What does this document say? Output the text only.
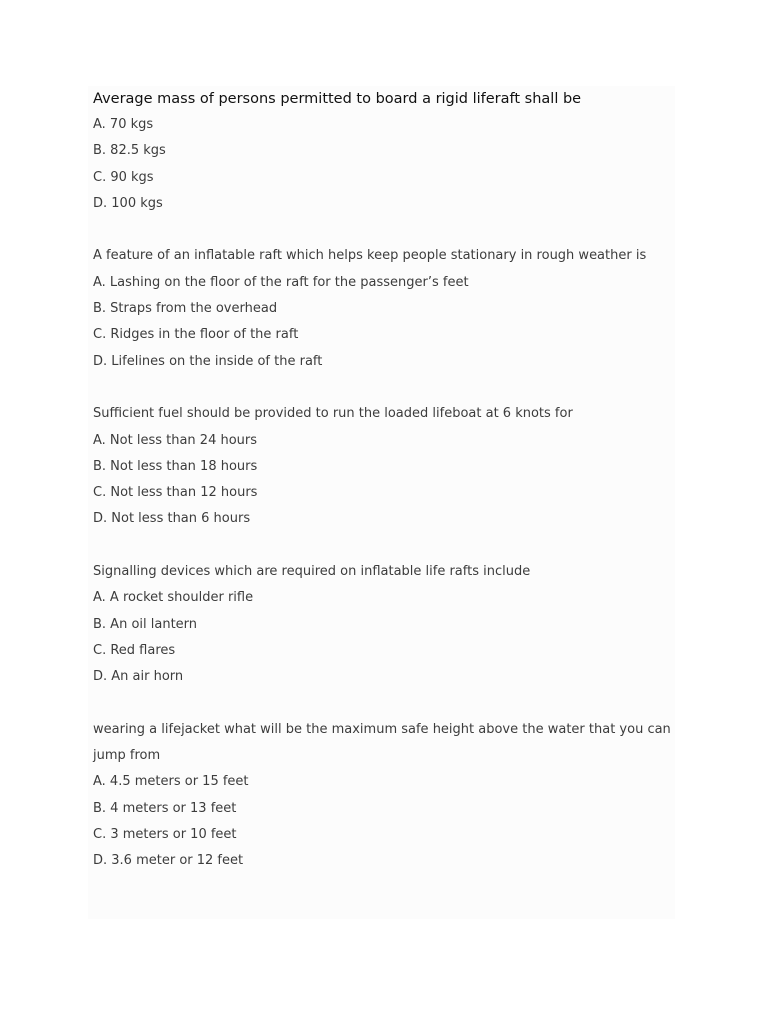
Average mass of persons permitted to board a rigid liferaft shall be
A. 70 kgs
B. 82.5 kgs
C. 90 kgs
D. 100 kgs
A feature of an inflatable raft which helps keep people stationary in rough weather is
A. Lashing on the floor of the raft for the passenger’s feet
B. Straps from the overhead
C. Ridges in the floor of the raft
D. Lifelines on the inside of the raft
Sufficient fuel should be provided to run the loaded lifeboat at 6 knots for
A. Not less than 24 hours
B. Not less than 18 hours
C. Not less than 12 hours
D. Not less than 6 hours
Signalling devices which are required on inflatable life rafts include
A. A rocket shoulder rifle
B. An oil lantern
C. Red flares
D. An air horn
wearing a lifejacket what will be the maximum safe height above the water that you can
jump from
A. 4.5 meters or 15 feet
B. 4 meters or 13 feet
C. 3 meters or 10 feet
D. 3.6 meter or 12 feet
